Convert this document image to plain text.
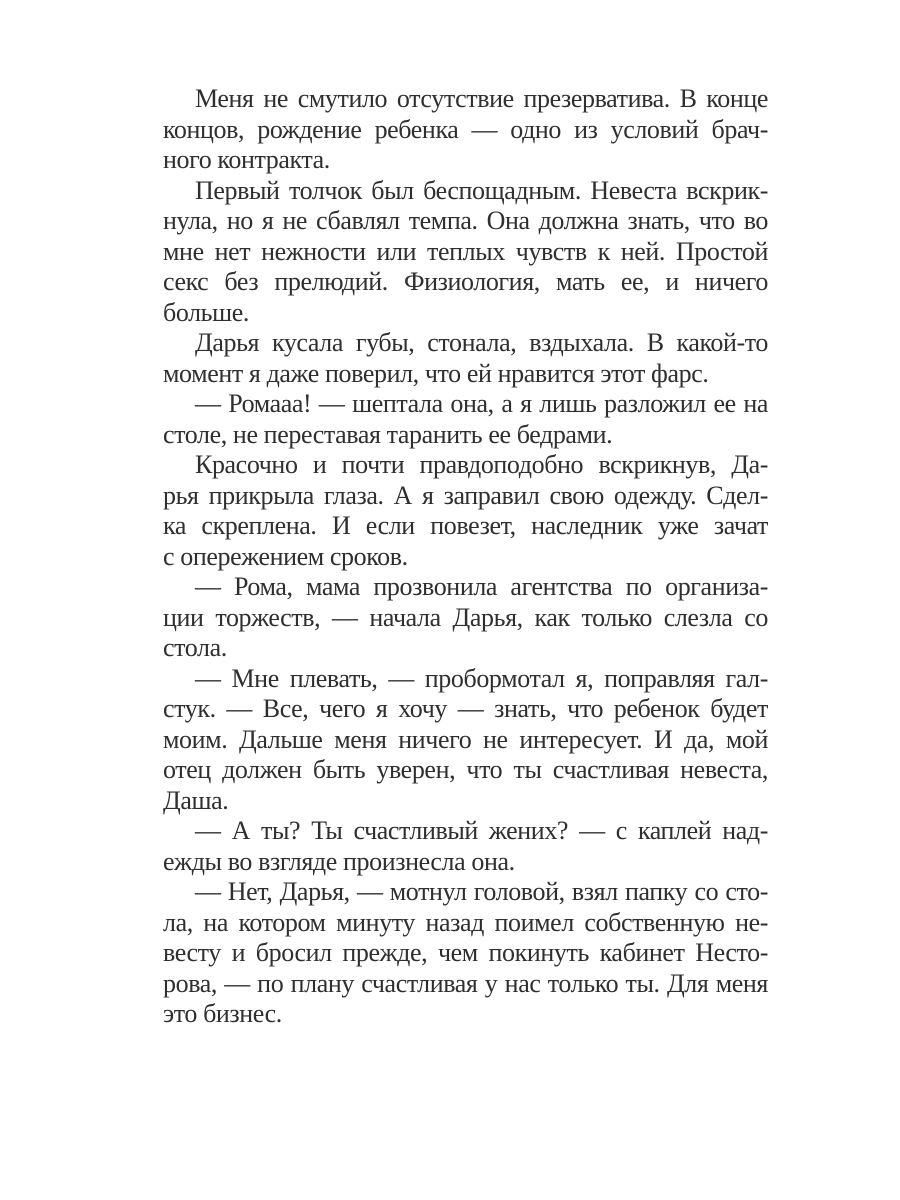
Меня не смутило отсутствие презерватива. В конце
концов, рождение ребенка — одно из условий брач-
ного контракта.
Первый толчок был беспощадным. Невеста вскрик-
нула, но я не сбавлял темпа. Она должна знать, что во
мне нет нежности или теплых чувств к ней. Простой
секс без прелюдий. Физиология, мать ее, и ничего
больше.
Дарья кусала губы, стонала, вздыхала. В какой-то
момент я даже поверил, что ей нравится этот фарс.
— Ромааа! — шептала она, а я лишь разложил ее на
столе, не переставая таранить ее бедрами.
Красочно и почти правдоподобно вскрикнув, Да-
рья прикрыла глаза. А я заправил свою одежду. Сдел-
ка скреплена. И если повезет, наследник уже зачат
с опережением сроков.
— Рома, мама прозвонила агентства по организа-
ции торжеств, — начала Дарья, как только слезла со
стола.
— Мне плевать, — пробормотал я, поправляя гал-
стук. — Все, чего я хочу — знать, что ребенок будет
моим. Дальше меня ничего не интересует. И да, мой
отец должен быть уверен, что ты счастливая невеста,
Даша.
— А ты? Ты счастливый жених? — с каплей над-
ежды во взгляде произнесла она.
— Нет, Дарья, — мотнул головой, взял папку со сто-
ла, на котором минуту назад поимел собственную не-
весту и бросил прежде, чем покинуть кабинет Несто-
рова, — по плану счастливая у нас только ты. Для меня
это бизнес.
